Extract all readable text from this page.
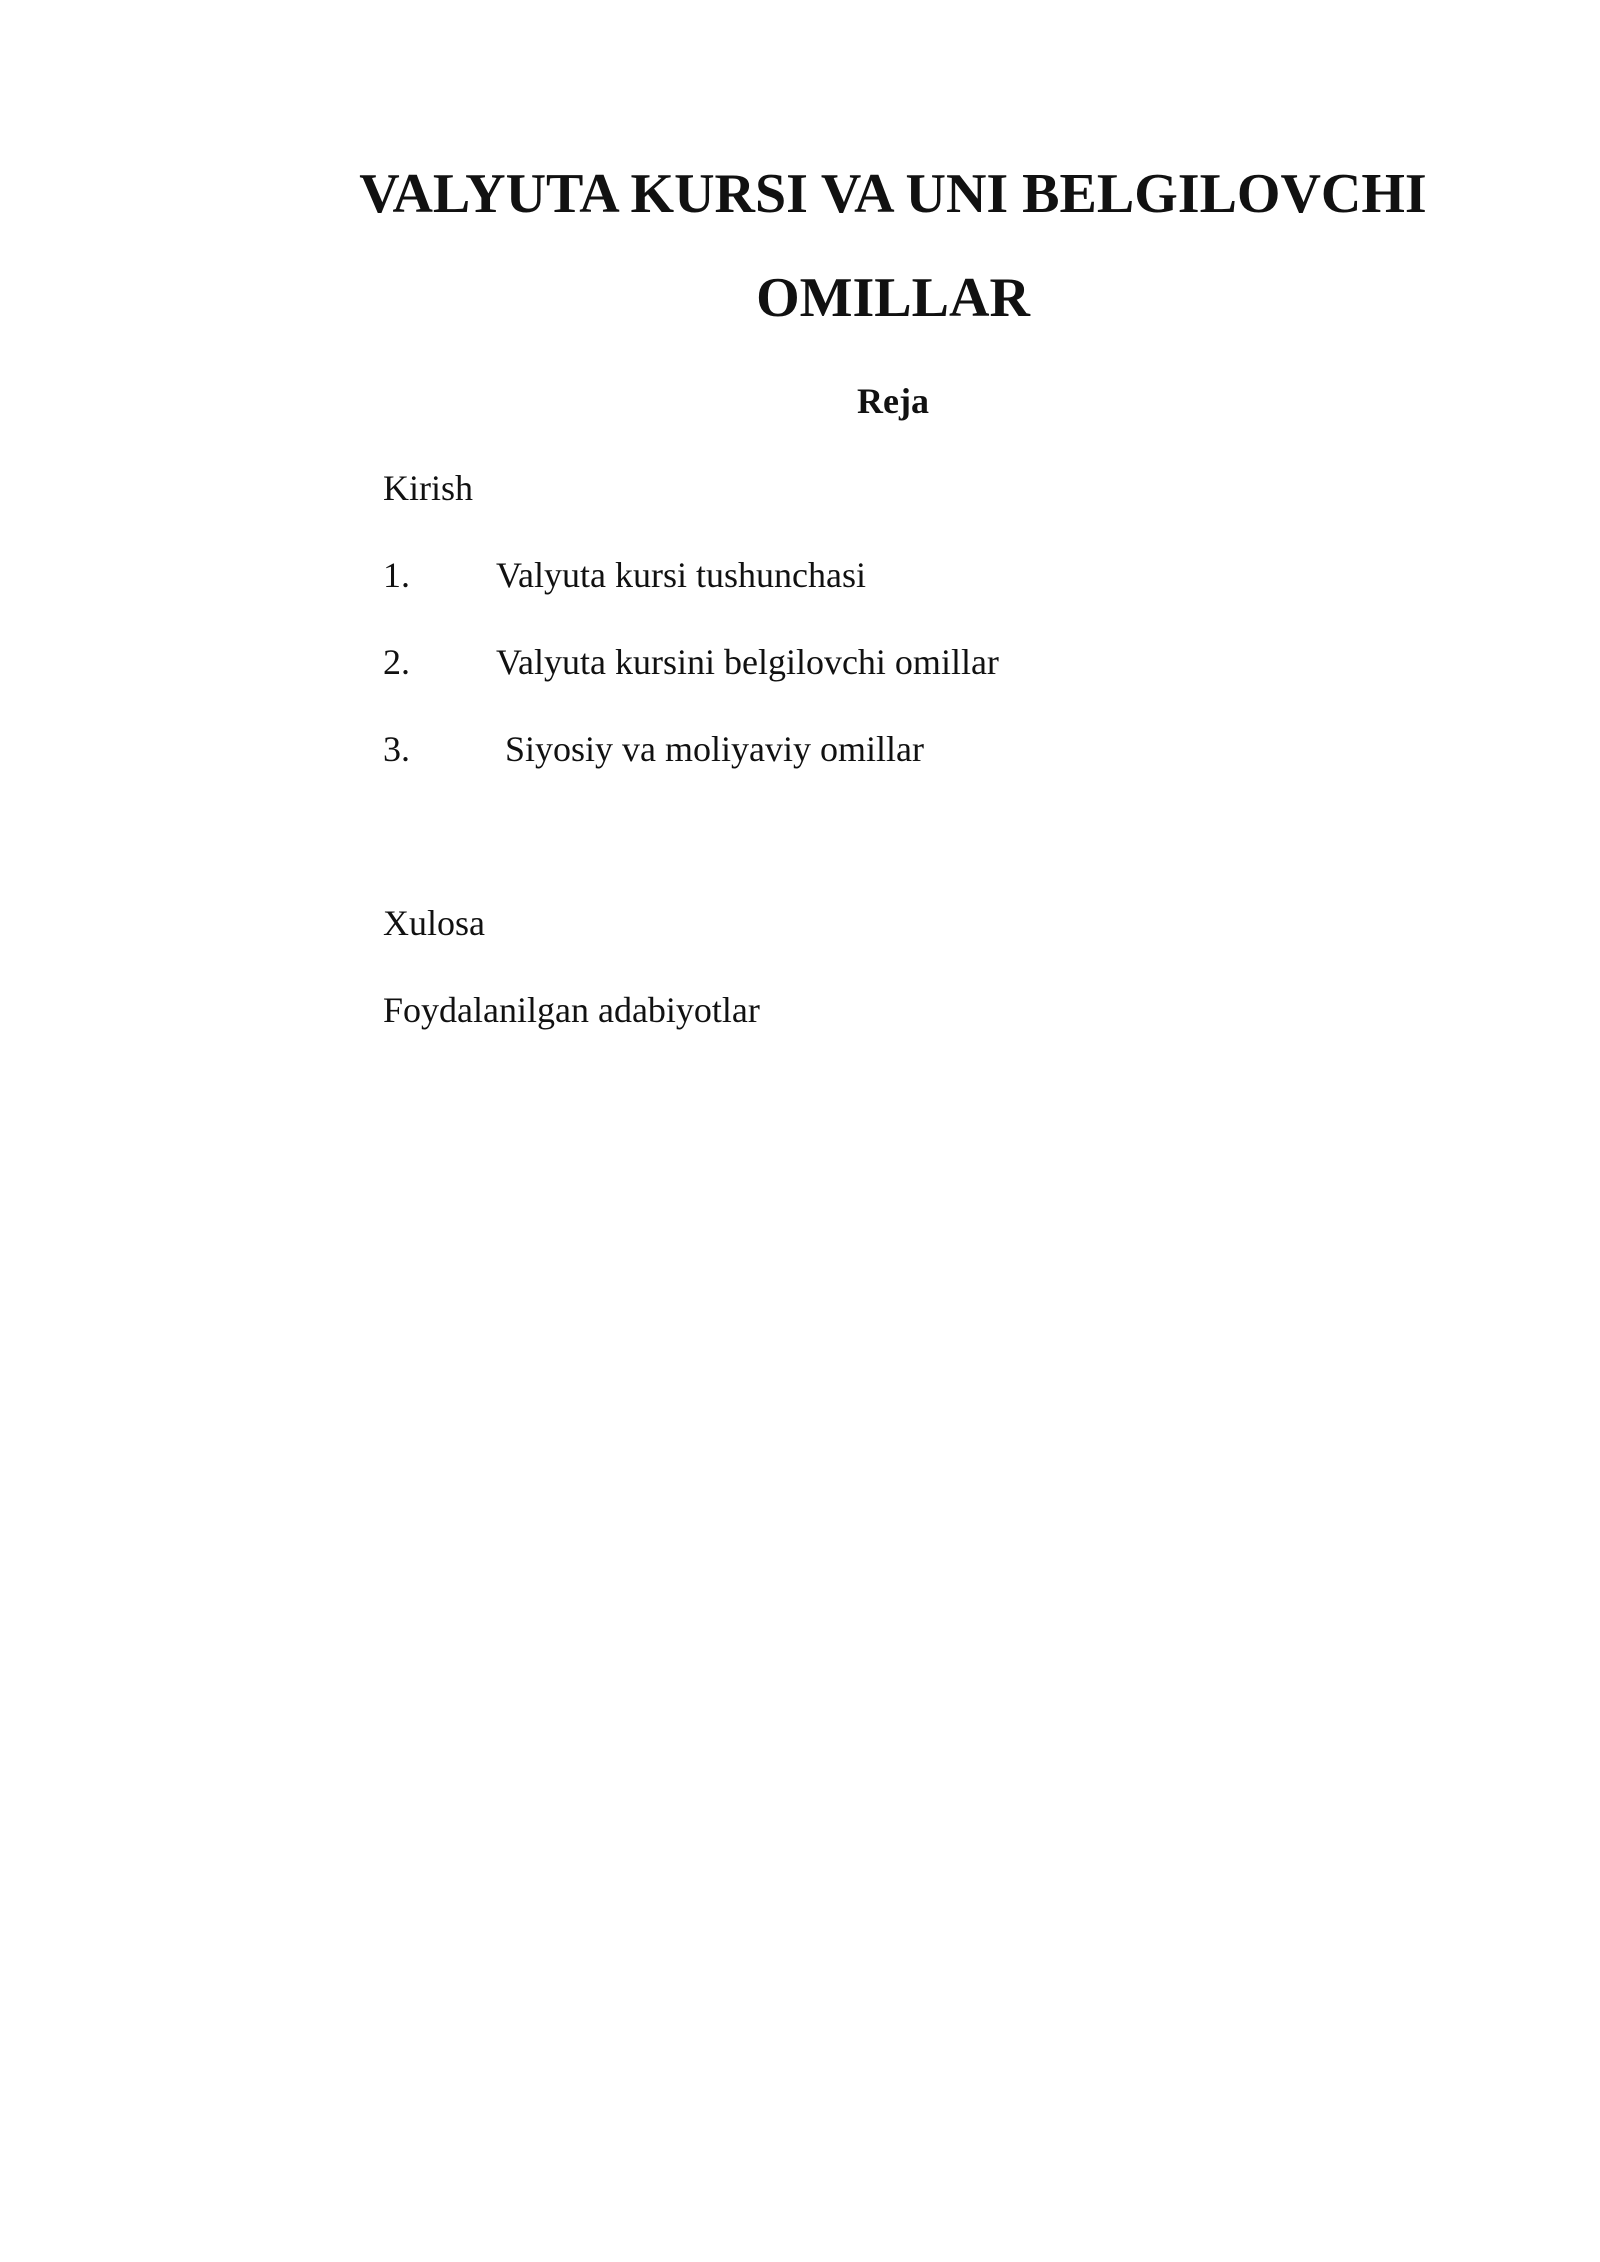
VALYUTA KURSI VA UNI BELGILOVCHI
OMILLAR
Reja

Kirish

1. Valyuta kursi tushunchasi

2. Valyuta kursini belgilovchi omillar

3.	Siyosiy va moliyaviy omillar

Xulosa

Foydalanilgan adabiyotlar
